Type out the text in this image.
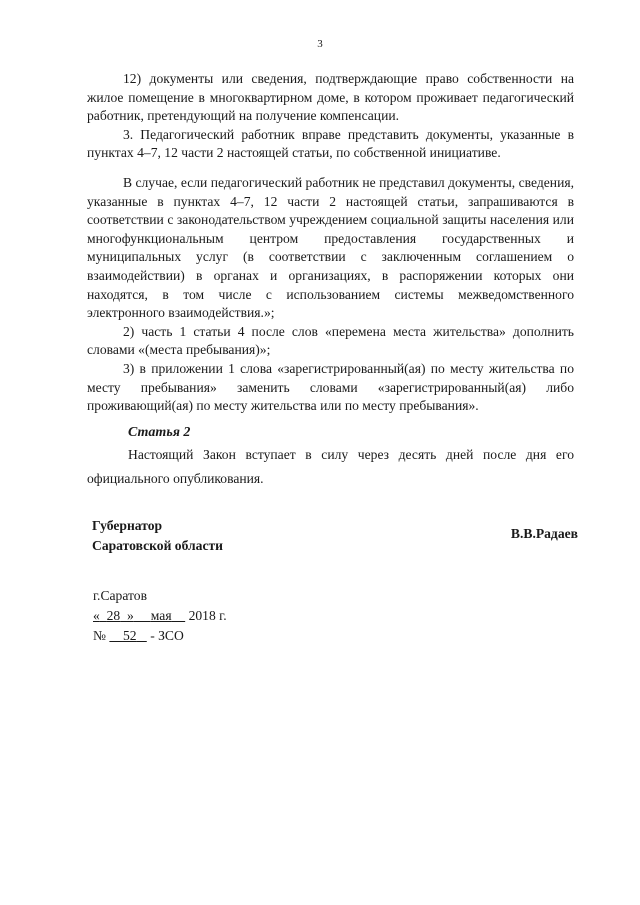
3

12) документы или сведения, подтверждающие право собственности на жилое помещение в многоквартирном доме, в котором проживает педагогический работник, претендующий на получение компенсации.

3. Педагогический работник вправе представить документы, указанные в пунктах 4–7, 12 части 2 настоящей статьи, по собственной инициативе.

В случае, если педагогический работник не представил документы, сведения, указанные в пунктах 4–7, 12 части 2 настоящей статьи, запрашиваются в соответствии с законодательством учреждением социальной защиты населения или многофункциональным центром предоставления государственных и муниципальных услуг (в соответствии с заключенным соглашением о взаимодействии) в органах и организациях, в распоряжении которых они находятся, в том числе с использованием системы межведомственного электронного взаимодействия.»;

2) часть 1 статьи 4 после слов «перемена места жительства» дополнить словами «(места пребывания)»;

3) в приложении 1 слова «зарегистрированный(ая) по месту жительства по месту пребывания» заменить словами «зарегистрированный(ая) либо проживающий(ая) по месту жительства или по месту пребывания».

Статья 2

Настоящий Закон вступает в силу через десять дней после дня его официального опубликования.

Губернатор
Саратовской области
В.В.Радаев
г.Саратов
« 28 » мая 2018 г.
№ 52 - ЗСО
